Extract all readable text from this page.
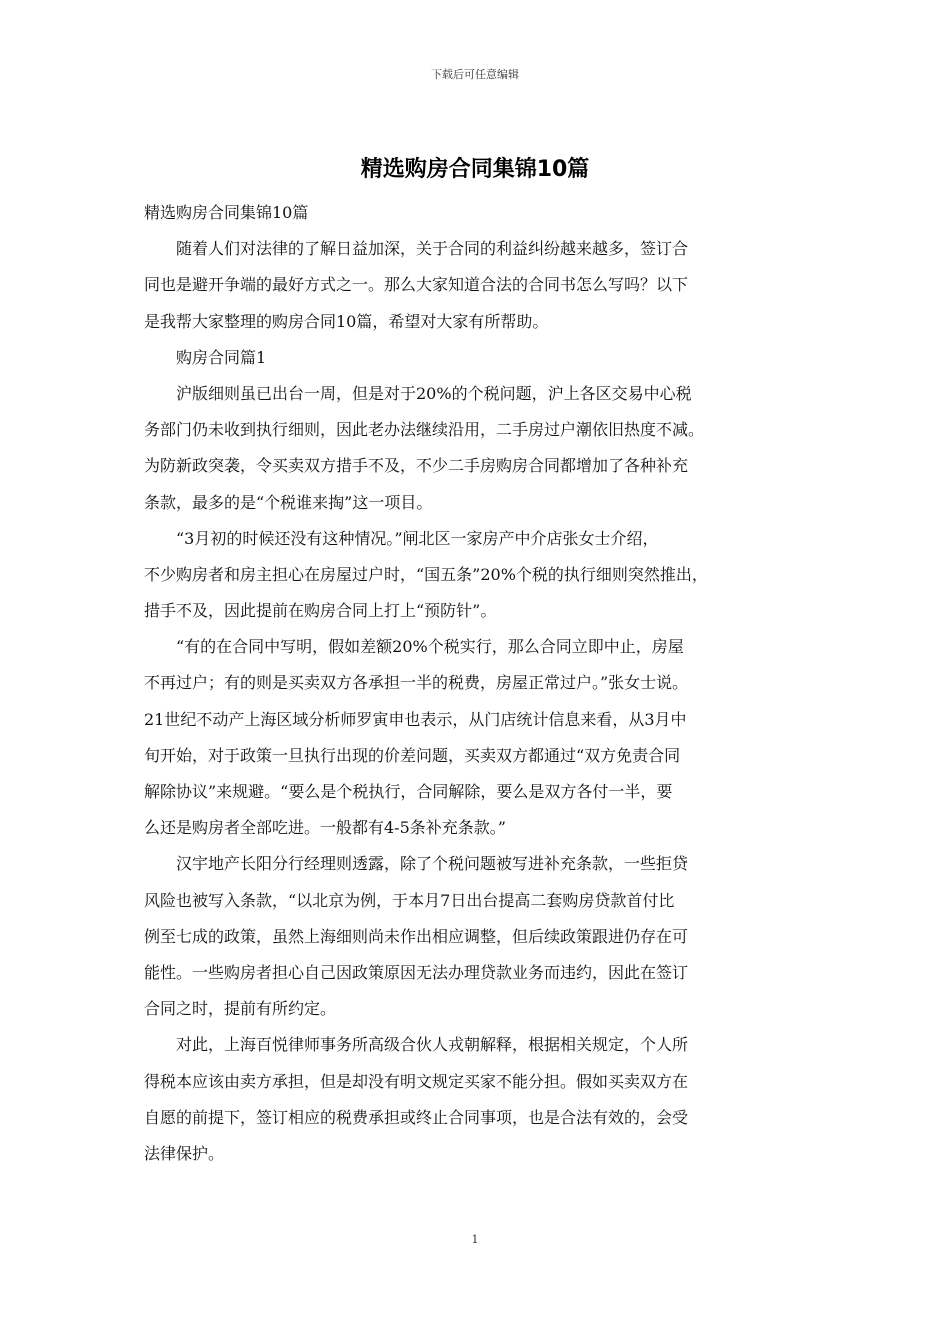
下载后可任意编辑
精选购房合同集锦10篇

精选购房合同集锦10篇

　　随着人们对法律的了解日益加深，关于合同的利益纠纷越来越多，签订合

同也是避开争端的最好方式之一。那么大家知道合法的合同书怎么写吗？以下

是我帮大家整理的购房合同10篇，希望对大家有所帮助。

　　购房合同篇1

　　沪版细则虽已出台一周，但是对于20%的个税问题，沪上各区交易中心税

务部门仍未收到执行细则，因此老办法继续沿用，二手房过户潮依旧热度不减。

为防新政突袭，令买卖双方措手不及，不少二手房购房合同都增加了各种补充

条款，最多的是“个税谁来掏”这一项目。

　　“3月初的时候还没有这种情况。”闸北区一家房产中介店张女士介绍，

不少购房者和房主担心在房屋过户时，“国五条”20%个税的执行细则突然推出，

措手不及，因此提前在购房合同上打上“预防针”。

　　“有的在合同中写明，假如差额20%个税实行，那么合同立即中止，房屋

不再过户；有的则是买卖双方各承担一半的税费，房屋正常过户。”张女士说。

21世纪不动产上海区域分析师罗寅申也表示，从门店统计信息来看，从3月中

旬开始，对于政策一旦执行出现的价差问题，买卖双方都通过“双方免责合同

解除协议”来规避。“要么是个税执行，合同解除，要么是双方各付一半，要

么还是购房者全部吃进。一般都有4-5条补充条款。”

　　汉宇地产长阳分行经理则透露，除了个税问题被写进补充条款，一些拒贷

风险也被写入条款，“以北京为例，于本月7日出台提高二套购房贷款首付比

例至七成的政策，虽然上海细则尚未作出相应调整，但后续政策跟进仍存在可

能性。一些购房者担心自己因政策原因无法办理贷款业务而违约，因此在签订

合同之时，提前有所约定。

　　对此，上海百悦律师事务所高级合伙人戎朝解释，根据相关规定，个人所

得税本应该由卖方承担，但是却没有明文规定买家不能分担。假如买卖双方在

自愿的前提下，签订相应的税费承担或终止合同事项，也是合法有效的，会受

法律保护。

1
